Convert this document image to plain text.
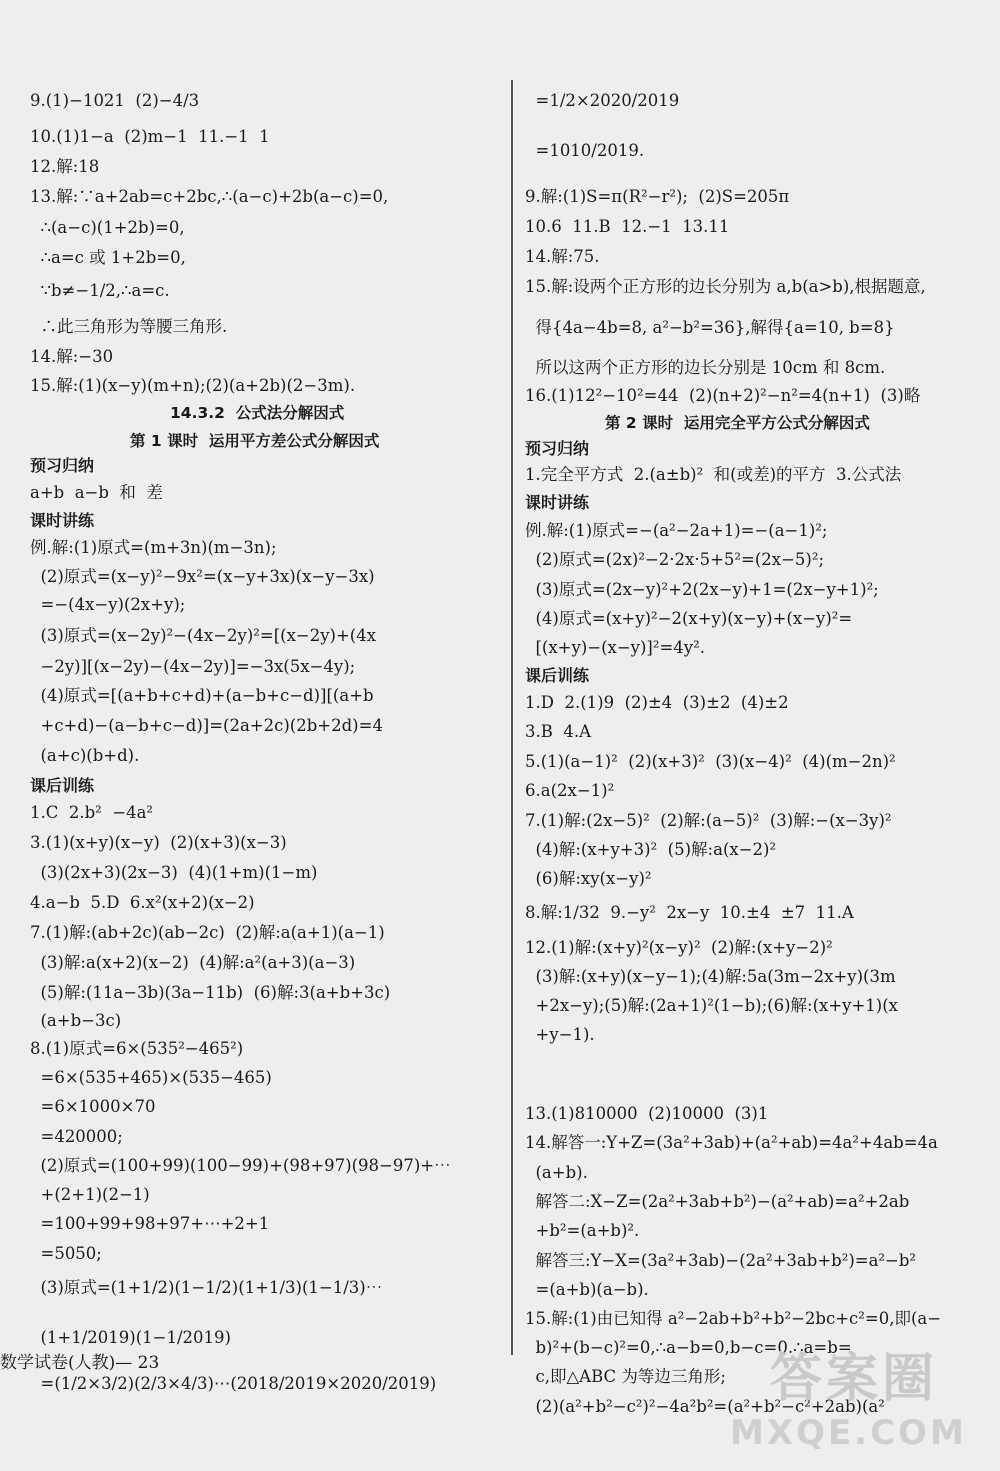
9.(1)−1021  (2)−4/3
10.(1)1−a  (2)m−1  11.−1  1
12.解:18
13.解:∵a+2ab=c+2bc,∴(a−c)+2b(a−c)=0,
∴(a−c)(1+2b)=0,
∴a=c 或 1+2b=0,
∵b≠−1/2,∴a=c.
∴此三角形为等腰三角形.
14.解:−30
15.解:(1)(x−y)(m+n);(2)(a+2b)(2−3m).
14.3.2  公式法分解因式
第 1 课时  运用平方差公式分解因式
预习归纳
a+b  a−b  和  差
课时讲练
例.解:(1)原式=(m+3n)(m−3n);
(2)原式=(x−y)²−9x²=(x−y+3x)(x−y−3x)
=−(4x−y)(2x+y);
(3)原式=(x−2y)²−(4x−2y)²=[(x−2y)+(4x
−2y)][(x−2y)−(4x−2y)]=−3x(5x−4y);
(4)原式=[(a+b+c+d)+(a−b+c−d)][(a+b
+c+d)−(a−b+c−d)]=(2a+2c)(2b+2d)=4
(a+c)(b+d).
课后训练
1.C  2.b²  −4a²
3.(1)(x+y)(x−y)  (2)(x+3)(x−3)
(3)(2x+3)(2x−3)  (4)(1+m)(1−m)
4.a−b  5.D  6.x²(x+2)(x−2)
7.(1)解:(ab+2c)(ab−2c)  (2)解:a(a+1)(a−1)
(3)解:a(x+2)(x−2)  (4)解:a²(a+3)(a−3)
(5)解:(11a−3b)(3a−11b)  (6)解:3(a+b+3c)
(a+b−3c)
8.(1)原式=6×(535²−465²)
=6×(535+465)×(535−465)
=6×1000×70
=420000;
(2)原式=(100+99)(100−99)+(98+97)(98−97)+⋯
+(2+1)(2−1)
=100+99+98+97+⋯+2+1
=5050;
(3)原式=(1+1/2)(1−1/2)(1+1/3)(1−1/3)⋯
(1+1/2019)(1−1/2019)
=(1/2×3/2)(2/3×4/3)⋯(2018/2019×2020/2019)
=1/2×2020/2019
=1010/2019.
9.解:(1)S=π(R²−r²);  (2)S=205π
10.6  11.B  12.−1  13.11
14.解:75.
15.解:设两个正方形的边长分别为 a,b(a>b),根据题意,
得{4a−4b=8, a²−b²=36},解得{a=10, b=8}
所以这两个正方形的边长分别是 10cm 和 8cm.
16.(1)12²−10²=44  (2)(n+2)²−n²=4(n+1)  (3)略
第 2 课时  运用完全平方公式分解因式
预习归纳
1.完全平方式  2.(a±b)²  和(或差)的平方  3.公式法
课时讲练
例.解:(1)原式=−(a²−2a+1)=−(a−1)²;
(2)原式=(2x)²−2·2x·5+5²=(2x−5)²;
(3)原式=(2x−y)²+2(2x−y)+1=(2x−y+1)²;
(4)原式=(x+y)²−2(x+y)(x−y)+(x−y)²=
[(x+y)−(x−y)]²=4y².
课后训练
1.D  2.(1)9  (2)±4  (3)±2  (4)±2
3.B  4.A
5.(1)(a−1)²  (2)(x+3)²  (3)(x−4)²  (4)(m−2n)²
6.a(2x−1)²
7.(1)解:(2x−5)²  (2)解:(a−5)²  (3)解:−(x−3y)²
(4)解:(x+y+3)²  (5)解:a(x−2)²
(6)解:xy(x−y)²
8.解:1/32  9.−y²  2x−y  10.±4  ±7  11.A
12.(1)解:(x+y)²(x−y)²  (2)解:(x+y−2)²
(3)解:(x+y)(x−y−1);(4)解:5a(3m−2x+y)(3m
+2x−y);(5)解:(2a+1)²(1−b);(6)解:(x+y+1)(x
+y−1).
13.(1)810000  (2)10000  (3)1
14.解答一:Y+Z=(3a²+3ab)+(a²+ab)=4a²+4ab=4a
(a+b).
解答二:X−Z=(2a²+3ab+b²)−(a²+ab)=a²+2ab
+b²=(a+b)².
解答三:Y−X=(3a²+3ab)−(2a²+3ab+b²)=a²−b²
=(a+b)(a−b).
15.解:(1)由已知得 a²−2ab+b²+b²−2bc+c²=0,即(a−
b)²+(b−c)²=0,∴a−b=0,b−c=0.∴a=b=
c,即△ABC 为等边三角形;
(2)(a²+b²−c²)²−4a²b²=(a²+b²−c²+2ab)(a²
数学试卷(人教)— 23	答案圈
MXQE.COM
